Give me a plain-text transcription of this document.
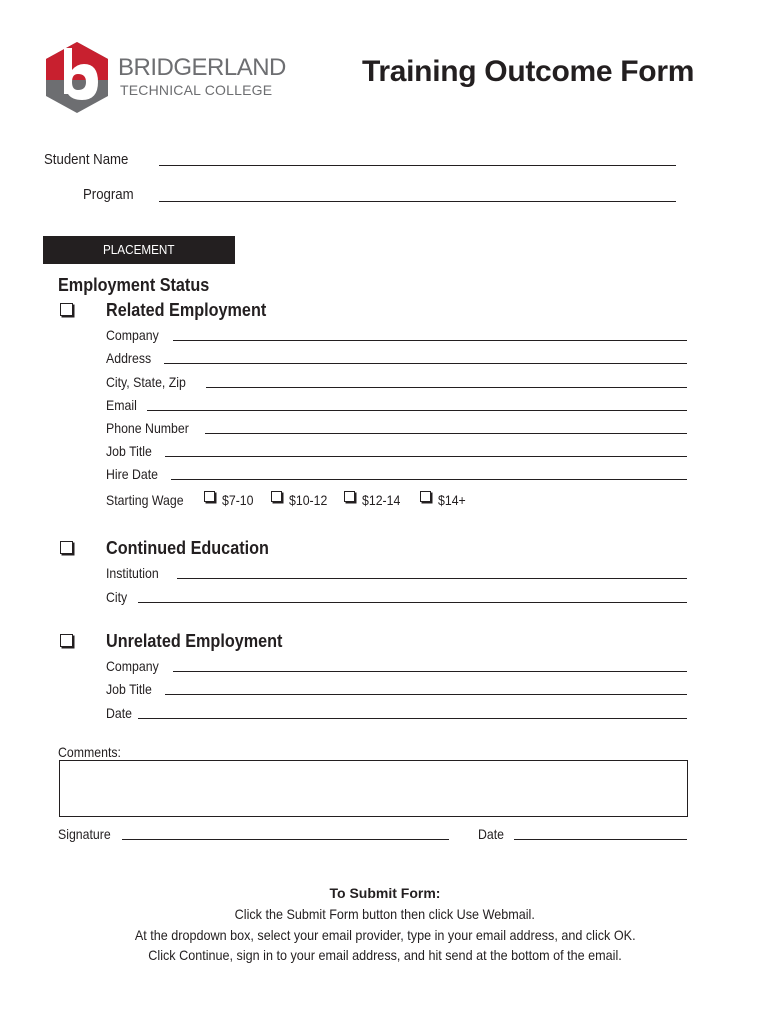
BRIDGERLAND
TECHNICAL COLLEGE
Training Outcome Form
Student Name
Program
PLACEMENT
Employment Status
Related Employment
Company
Address
City, State, Zip
Email
Phone Number
Job Title
Hire Date
Starting Wage	$7-10	$10-12 $12-14	$14+
Continued Education
Institution
City
Unrelated Employment
Company
Job Title
Date
Comments:
Signature	Date
To Submit Form:
Click the Submit Form button then click Use Webmail.
At the dropdown box, select your email provider, type in your email address, and click OK.
Click Continue, sign in to your email address, and hit send at the bottom of the email.
